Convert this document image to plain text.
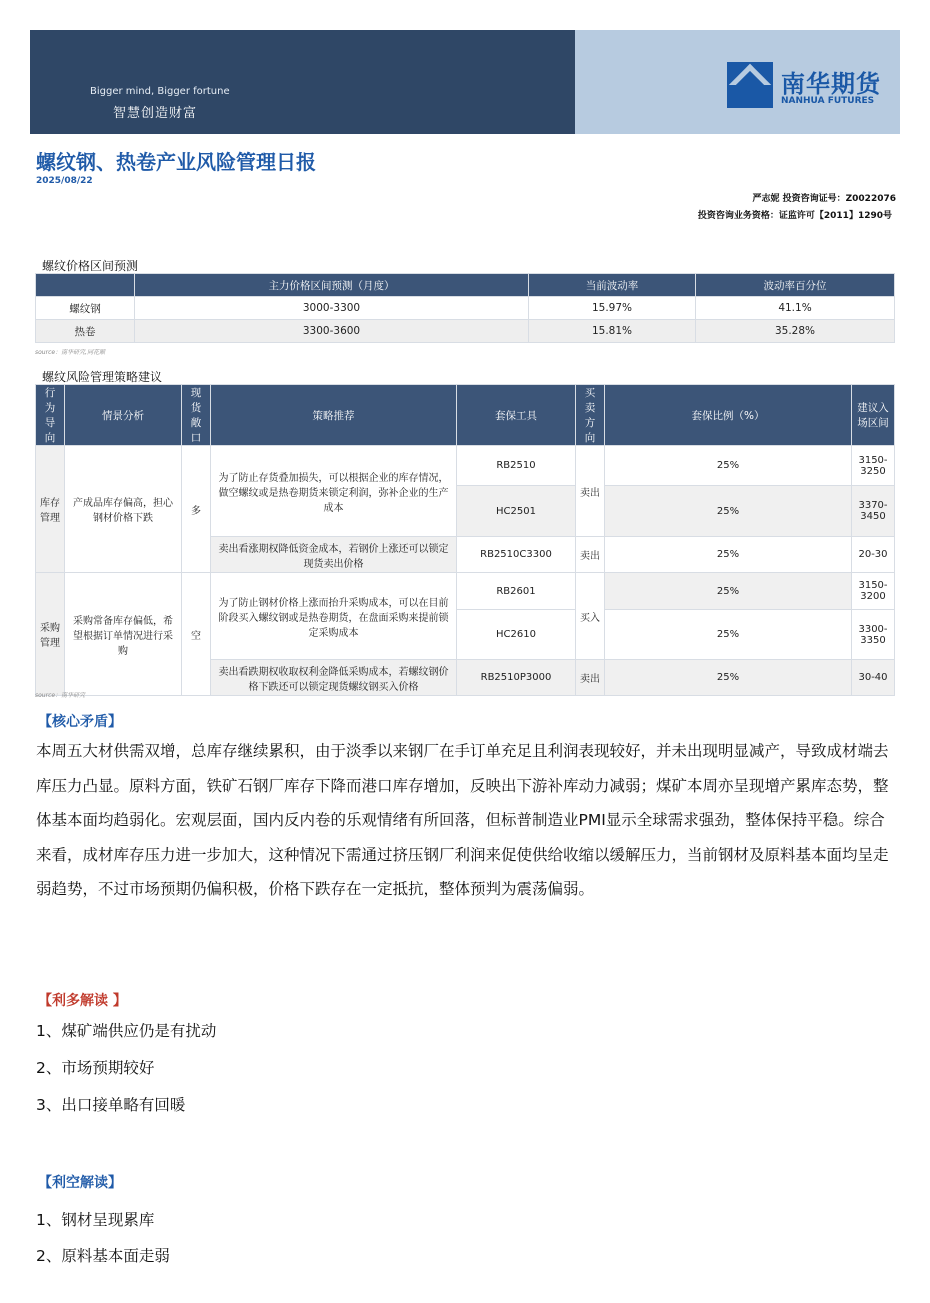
Bigger mind, Bigger fortune
智慧创造财富
南华期货
NANHUA FUTURES
螺纹钢、热卷产业风险管理日报
2025/08/22
严志妮 投资咨询证号：Z0022076
投资咨询业务资格：证监许可【2011】1290号
螺纹价格区间预测
	主力价格区间预测（月度）	当前波动率	波动率百分位
螺纹钢	3000-3300	15.97%	41.1%
热卷	3300-3600	15.81%	35.28%
source：南华研究,同花顺
螺纹风险管理策略建议
行为导向	情景分析	现货敞口	策略推荐	套保工具	买卖方向	套保比例（%）	建议入场区间
库存管理	产成品库存偏高，担心钢材价格下跌	多	为了防止存货叠加损失，可以根据企业的库存情况，做空螺纹或是热卷期货来锁定利润，弥补企业的生产成本	RB2510	卖出	25%	3150-3250
				HC2501		25%	3370-3450
			卖出看涨期权降低资金成本，若钢价上涨还可以锁定现货卖出价格	RB2510C3300	卖出	25%	20-30
采购管理	采购常备库存偏低，希望根据订单情况进行采购	空	为了防止钢材价格上涨而抬升采购成本，可以在目前阶段买入螺纹钢或是热卷期货，在盘面采购来提前锁定采购成本	RB2601	买入	25%	3150-3200
				HC2610		25%	3300-3350
			卖出看跌期权收取权利金降低采购成本，若螺纹钢价格下跌还可以锁定现货螺纹钢买入价格	RB2510P3000	卖出	25%	30-40
source：南华研究
【核心矛盾】
本周五大材供需双增，总库存继续累积，由于淡季以来钢厂在手订单充足且利润表现较好，并未出现明显减产，导致成材端去库压力凸显。原料方面，铁矿石钢厂库存下降而港口库存增加，反映出下游补库动力减弱；煤矿本周亦呈现增产累库态势，整体基本面均趋弱化。宏观层面，国内反内卷的乐观情绪有所回落，但标普制造业PMI显示全球需求强劲，整体保持平稳。综合来看，成材库存压力进一步加大，这种情况下需通过挤压钢厂利润来促使供给收缩以缓解压力，当前钢材及原料基本面均呈走弱趋势，不过市场预期仍偏积极，价格下跌存在一定抵抗，整体预判为震荡偏弱。
【利多解读 】
1、煤矿端供应仍是有扰动
2、市场预期较好
3、出口接单略有回暖
【利空解读】
1、钢材呈现累库
2、原料基本面走弱
